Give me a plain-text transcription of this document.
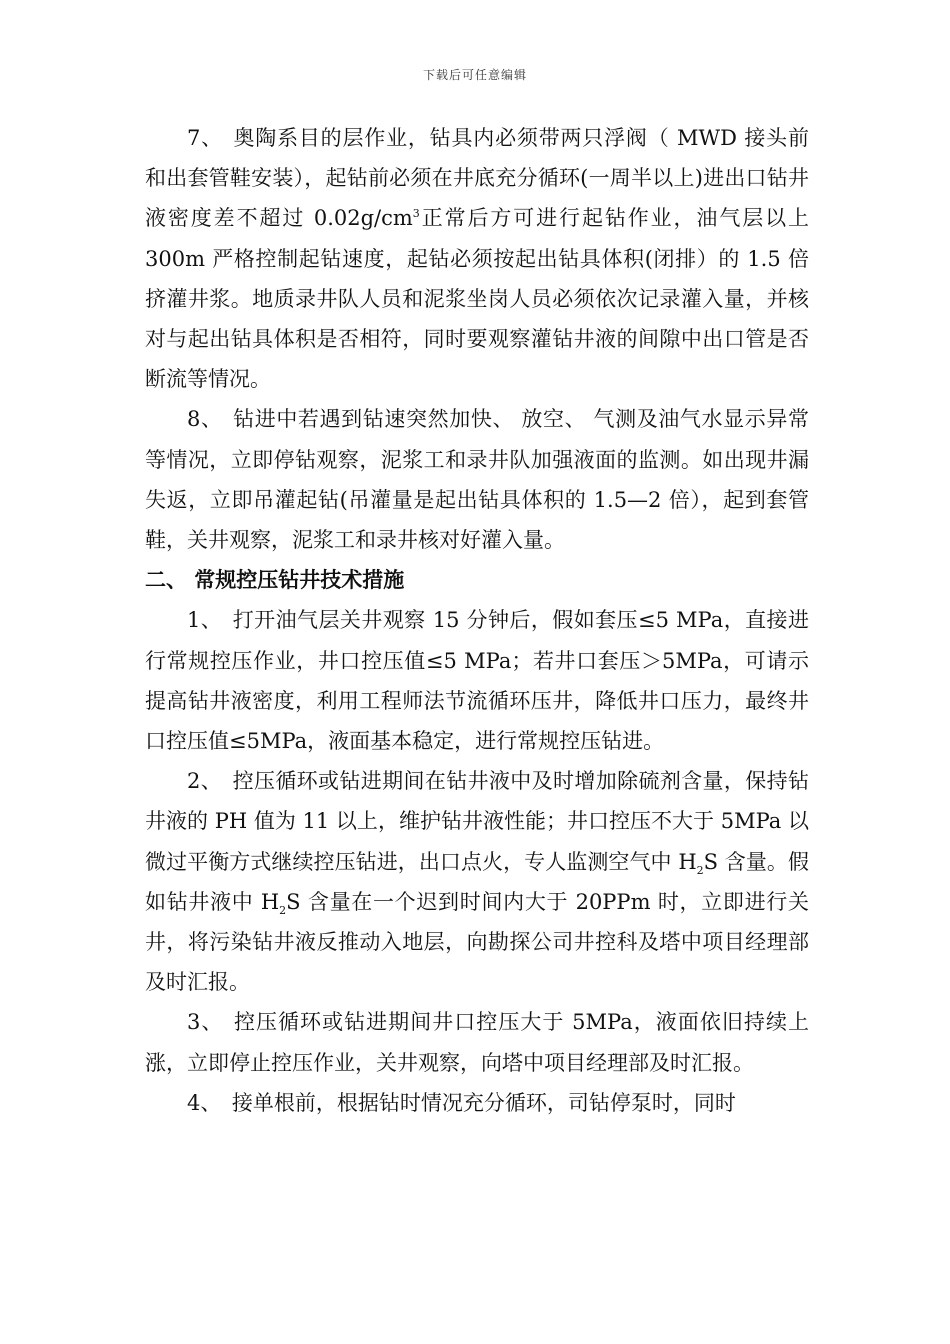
下载后可任意编辑

7、 奥陶系目的层作业，钻具内必须带两只浮阀（ MWD 接头前和出套管鞋安装），起钻前必须在井底充分循环(一周半以上)进出口钻井液密度差不超过 $0.02g/cm^3$正常后方可进行起钻作业，油气层以上 300m 严格控制起钻速度，起钻必须按起出钻具体积(闭排）的 1.5 倍挤灌井浆。地质录井队人员和泥浆坐岗人员必须依次记录灌入量，并核对与起出钻具体积是否相符，同时要观察灌钻井液的间隙中出口管是否断流等情况。

8、 钻进中若遇到钻速突然加快、 放空、 气测及油气水显示异常等情况，立即停钻观察，泥浆工和录井队加强液面的监测。如出现井漏失返，立即吊灌起钻(吊灌量是起出钻具体积的 1.5—2 倍），起到套管鞋，关井观察，泥浆工和录井核对好灌入量。

二、 常规控压钻井技术措施

1、 打开油气层关井观察 15 分钟后，假如套压≤5 MPa，直接进行常规控压作业，井口控压值≤5 MPa；若井口套压＞5MPa，可请示提高钻井液密度，利用工程师法节流循环压井，降低井口压力，最终井口控压值≤5MPa，液面基本稳定，进行常规控压钻进。

2、 控压循环或钻进期间在钻井液中及时增加除硫剂含量，保持钻井液的 PH 值为 11 以上，维护钻井液性能；井口控压不大于 5MPa 以微过平衡方式继续控压钻进，出口点火，专人监测空气中 $H_2S$ 含量。假如钻井液中 $H_2S$ 含量在一个迟到时间内大于 20PPm 时，立即进行关井，将污染钻井液反推动入地层，向勘探公司井控科及塔中项目经理部及时汇报。

3、 控压循环或钻进期间井口控压大于 5MPa，液面依旧持续上涨，立即停止控压作业，关井观察，向塔中项目经理部及时汇报。

4、 接单根前，根据钻时情况充分循环，司钻停泵时，同时
